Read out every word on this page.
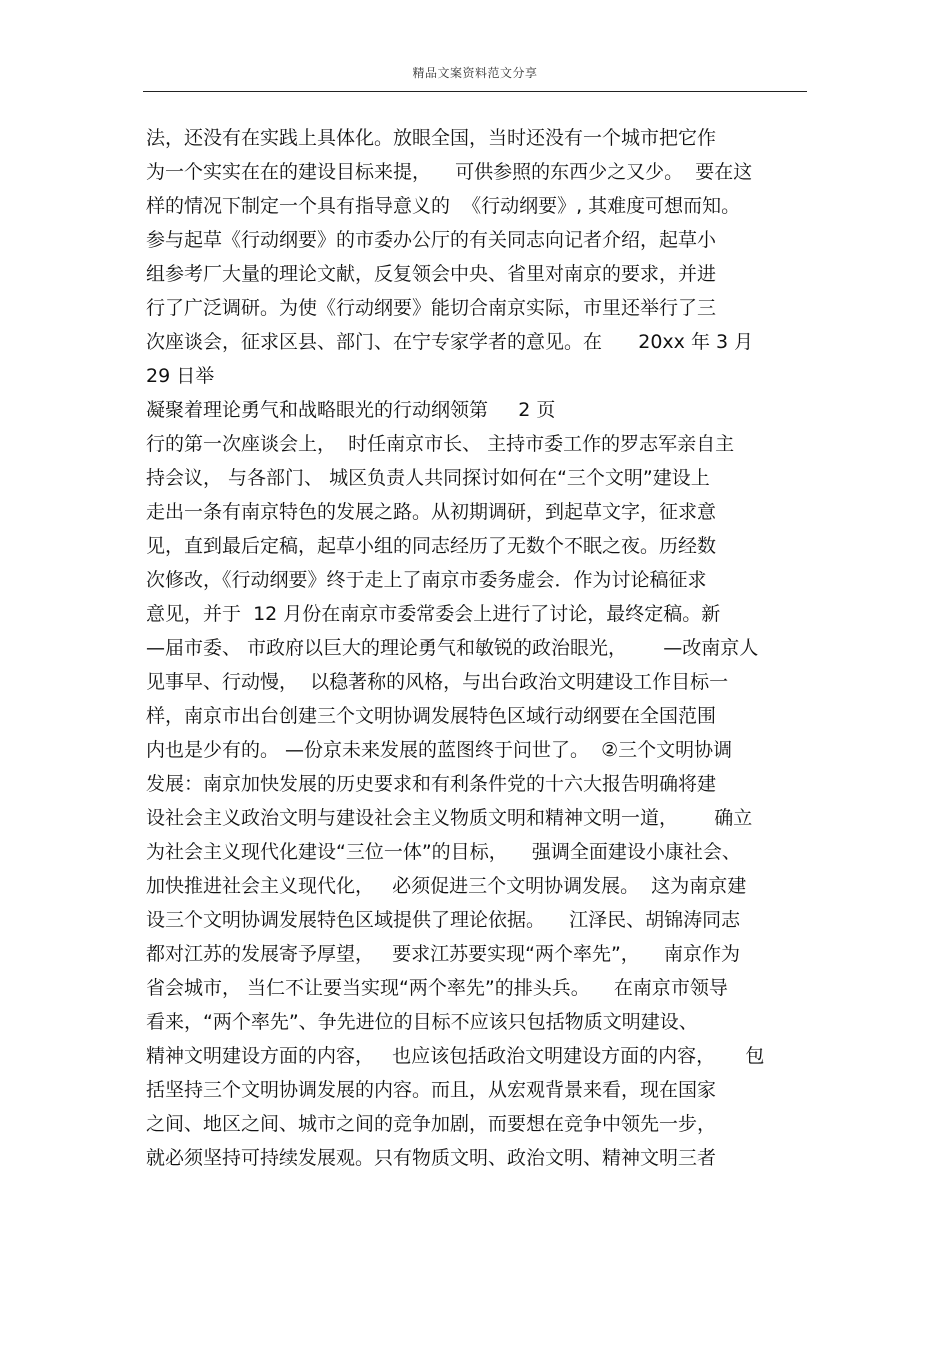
精品文案资料范文分享
法，还没有在实践上具体化。放眼全国，当时还没有一个城市把它作
为一个实实在在的建设目标来提，    可供参照的东西少之又少。  要在这
样的情况下制定一个具有指导意义的  《行动纲要》, 其难度可想而知。
参与起草《行动纲要》的市委办公厅的有关同志向记者介绍，起草小
组参考厂大量的理论文献，反复领会中央、省里对南京的要求，并进
行了广泛调研。为使《行动纲要》能切合南京实际，市里还举行了三
次座谈会，征求区县、部门、在宁专家学者的意见。在      20xx 年 3 月
29 日举
凝聚着理论勇气和战略眼光的行动纲领第     2 页
行的第一次座谈会上，  时任南京市长、 主持市委工作的罗志军亲自主
持会议， 与各部门、 城区负责人共同探讨如何在“三个文明”建设上
走出一条有南京特色的发展之路。从初期调研，到起草文字，征求意
见，直到最后定稿，起草小组的同志经历了无数个不眠之夜。历经数
次修改，《行动纲要》终于走上了南京市委务虚会．作为讨论稿征求
意见，并于  12 月份在南京市委常委会上进行了讨论，最终定稿。新
—届市委、 市政府以巨大的理论勇气和敏锐的政治眼光，      —改南京人
见事早、行动慢，  以稳著称的风格，与出台政治文明建设工作目标一
样，南京市出台创建三个文明协调发展特色区域行动纲要在全国范围
内也是少有的。 —份京未来发展的蓝图终于问世了。  ②三个文明协调
发展：南京加快发展的历史要求和有利条件党的十六大报告明确将建
设社会主义政治文明与建设社会主义物质文明和精神文明一道，      确立
为社会主义现代化建设“三位一体”的目标，    强调全面建设小康社会、
加快推进社会主义现代化，   必须促进三个文明协调发展。  这为南京建
设三个文明协调发展特色区域提供了理论依据。    江泽民、胡锦涛同志
都对江苏的发展寄予厚望，   要求江苏要实现“两个率先”，    南京作为
省会城市， 当仁不让要当实现“两个率先”的排头兵。    在南京市领导
看来，“两个率先”、争先进位的目标不应该只包括物质文明建设、
精神文明建设方面的内容，   也应该包括政治文明建设方面的内容，     包
括坚持三个文明协调发展的内容。而且，从宏观背景来看，现在国家
之间、地区之间、城市之间的竞争加剧，而要想在竞争中领先一步，
就必须坚持可持续发展观。只有物质文明、政治文明、精神文明三者
